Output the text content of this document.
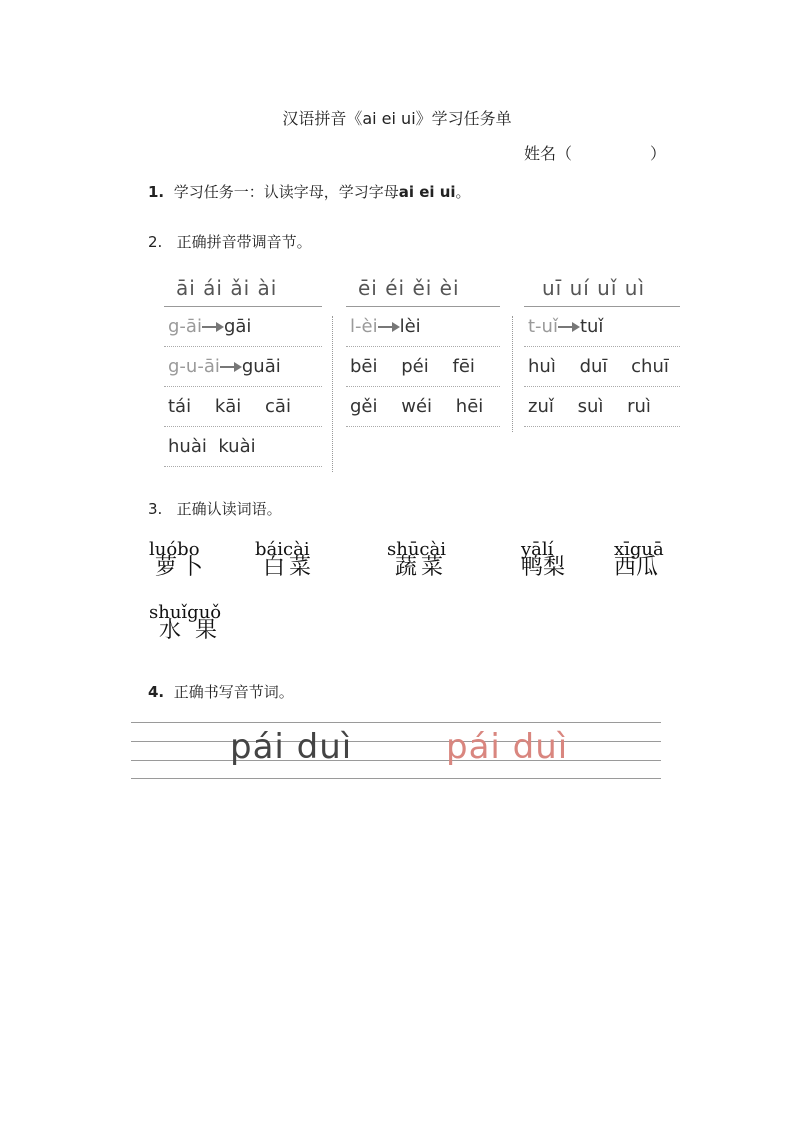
汉语拼音《ai ei ui》学习任务单
姓名（	）
1. 学习任务一：认读字母，学习字母ai ei ui。
2. 正确拼音带调音节。
āi ái ǎi ài
g-āi gāi
g-u-āi guāi
tái kāi cāi
huài kuài
ēi éi ěi èi
l-èi lèi
bēi péi fēi
gěi wéi hēi
uī uí uǐ uì
t-uǐ tuǐ
huì duī chuī
zuǐ suì ruì
3. 正确认读词语。
luóbo
萝卜
báicài
白菜
shūcài
蔬菜
yālí
鸭梨
xīguā
西瓜
shuǐguǒ
水果
4. 正确书写音节词。
pái duì	pái duì
